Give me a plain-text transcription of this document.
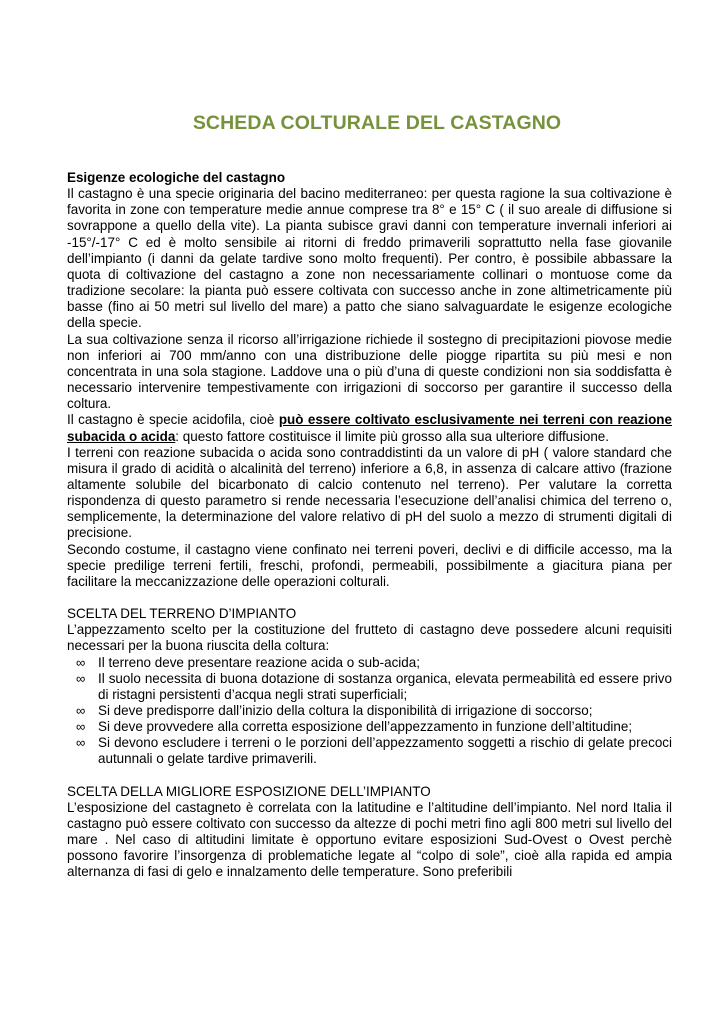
SCHEDA COLTURALE DEL CASTAGNO

Esigenze ecologiche del castagno

Il castagno è una specie originaria del bacino mediterraneo: per questa ragione la sua coltivazione è favorita in zone con temperature medie annue comprese tra 8° e 15° C ( il suo areale di diffusione si sovrappone a quello della vite). La pianta subisce gravi danni con temperature invernali inferiori ai -15°/-17° C ed è molto sensibile ai ritorni di freddo primaverili soprattutto nella fase giovanile dell’impianto (i danni da gelate tardive sono molto frequenti). Per contro, è possibile abbassare la quota di coltivazione del castagno a zone non necessariamente collinari o montuose come da tradizione secolare: la pianta può essere coltivata con successo anche in zone altimetricamente più basse (fino ai 50 metri sul livello del mare) a patto che siano salvaguardate le esigenze ecologiche della specie.

La sua coltivazione senza il ricorso all’irrigazione richiede il sostegno di precipitazioni piovose medie non inferiori ai 700 mm/anno con una distribuzione delle piogge ripartita su più mesi e non concentrata in una sola stagione. Laddove una o più d’una di queste condizioni non sia soddisfatta è necessario intervenire tempestivamente con irrigazioni di soccorso per garantire il successo della coltura.

Il castagno è specie acidofila, cioè può essere coltivato esclusivamente nei terreni con reazione subacida o acida: questo fattore costituisce il limite più grosso alla sua ulteriore diffusione.

I terreni con reazione subacida o acida sono contraddistinti da un valore di pH ( valore standard che misura il grado di acidità o alcalinità del terreno) inferiore a 6,8, in assenza di calcare attivo (frazione altamente solubile del bicarbonato di calcio contenuto nel terreno). Per valutare la corretta rispondenza di questo parametro si rende necessaria l’esecuzione dell’analisi chimica del terreno o, semplicemente, la determinazione del valore relativo di pH del suolo a mezzo di strumenti digitali di precisione.

Secondo costume, il castagno viene confinato nei terreni poveri, declivi e di difficile accesso, ma la specie predilige terreni fertili, freschi, profondi, permeabili, possibilmente a giacitura piana per facilitare la meccanizzazione delle operazioni colturali.

SCELTA DEL TERRENO D’IMPIANTO

L’appezzamento scelto per la costituzione del frutteto di castagno deve possedere alcuni requisiti necessari per la buona riuscita della coltura:

∞ Il terreno deve presentare reazione acida o sub-acida;
∞ Il suolo necessita di buona dotazione di sostanza organica, elevata permeabilità ed essere privo di ristagni persistenti d’acqua negli strati superficiali;
∞ Si deve predisporre dall’inizio della coltura la disponibilità di irrigazione di soccorso;
∞ Si deve provvedere alla corretta esposizione dell’appezzamento in funzione dell’altitudine;
∞ Si devono escludere i terreni o le porzioni dell’appezzamento soggetti a rischio di gelate precoci autunnali o gelate tardive primaverili.

SCELTA DELLA MIGLIORE ESPOSIZIONE DELL’IMPIANTO

L’esposizione del castagneto è correlata con la latitudine e l’altitudine dell’impianto. Nel nord Italia il castagno può essere coltivato con successo da altezze di pochi metri fino agli 800 metri sul livello del mare . Nel caso di altitudini limitate è opportuno evitare esposizioni Sud-Ovest o Ovest perchè possono favorire l’insorgenza di problematiche legate al “colpo di sole”, cioè alla rapida ed ampia alternanza di fasi di gelo e innalzamento delle temperature. Sono preferibili
